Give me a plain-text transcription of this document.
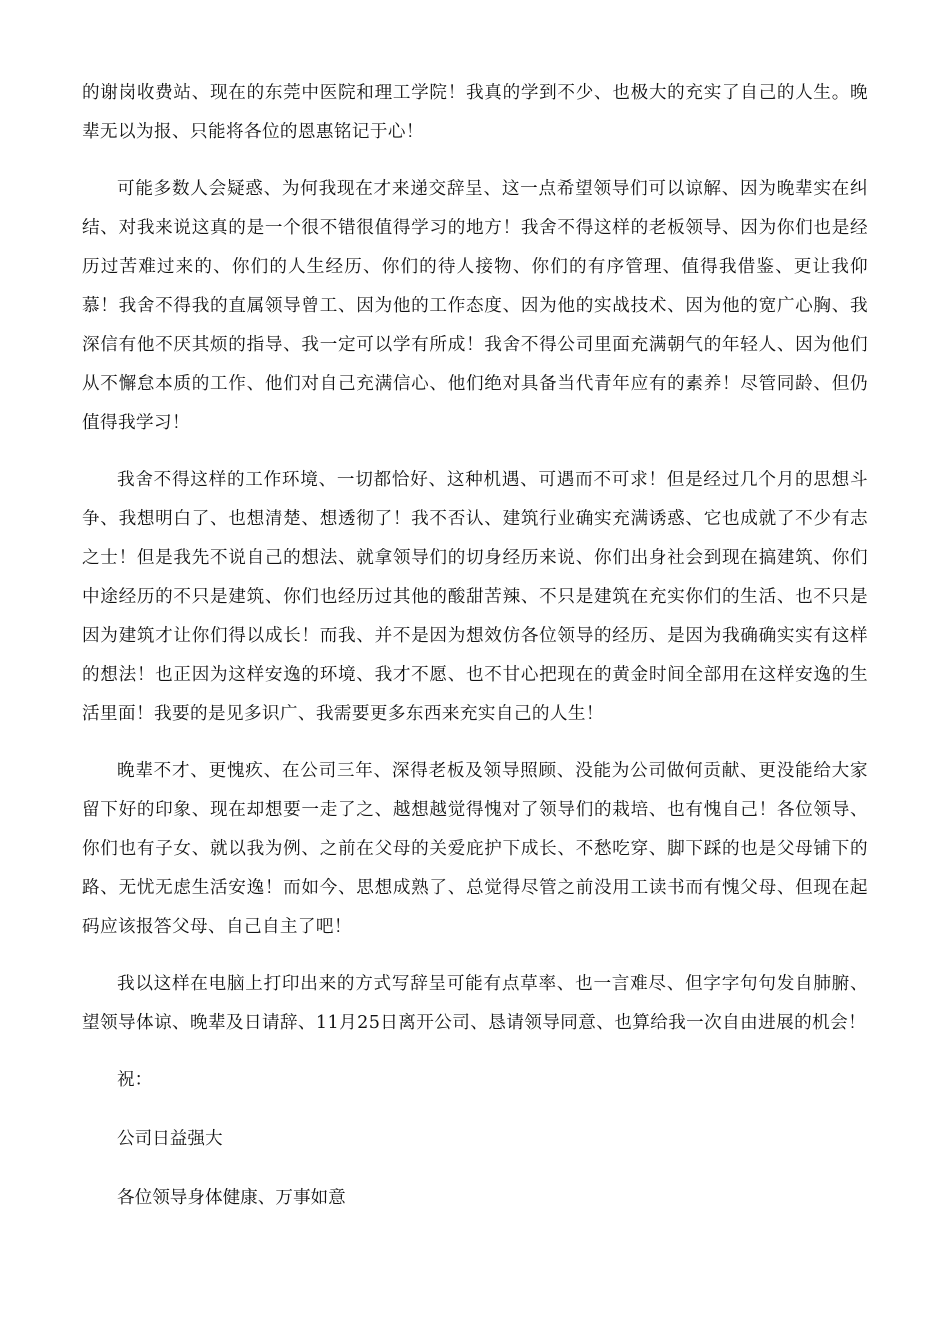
的谢岗收费站、现在的东莞中医院和理工学院！我真的学到不少、也极大的充实了自己的人生。晚辈无以为报、只能将各位的恩惠铭记于心！

可能多数人会疑惑、为何我现在才来递交辞呈、这一点希望领导们可以谅解、因为晚辈实在纠结、对我来说这真的是一个很不错很值得学习的地方！我舍不得这样的老板领导、因为你们也是经历过苦难过来的、你们的人生经历、你们的待人接物、你们的有序管理、值得我借鉴、更让我仰慕！我舍不得我的直属领导曾工、因为他的工作态度、因为他的实战技术、因为他的宽广心胸、我深信有他不厌其烦的指导、我一定可以学有所成！我舍不得公司里面充满朝气的年轻人、因为他们从不懈怠本质的工作、他们对自己充满信心、他们绝对具备当代青年应有的素养！尽管同龄、但仍值得我学习！

我舍不得这样的工作环境、一切都恰好、这种机遇、可遇而不可求！但是经过几个月的思想斗争、我想明白了、也想清楚、想透彻了！我不否认、建筑行业确实充满诱惑、它也成就了不少有志之士！但是我先不说自己的想法、就拿领导们的切身经历来说、你们出身社会到现在搞建筑、你们中途经历的不只是建筑、你们也经历过其他的酸甜苦辣、不只是建筑在充实你们的生活、也不只是因为建筑才让你们得以成长！而我、并不是因为想效仿各位领导的经历、是因为我确确实实有这样的想法！也正因为这样安逸的环境、我才不愿、也不甘心把现在的黄金时间全部用在这样安逸的生活里面！我要的是见多识广、我需要更多东西来充实自己的人生！

晚辈不才、更愧疚、在公司三年、深得老板及领导照顾、没能为公司做何贡献、更没能给大家留下好的印象、现在却想要一走了之、越想越觉得愧对了领导们的栽培、也有愧自己！各位领导、你们也有子女、就以我为例、之前在父母的关爱庇护下成长、不愁吃穿、脚下踩的也是父母铺下的路、无忧无虑生活安逸！而如今、思想成熟了、总觉得尽管之前没用工读书而有愧父母、但现在起码应该报答父母、自己自主了吧！

我以这样在电脑上打印出来的方式写辞呈可能有点草率、也一言难尽、但字字句句发自肺腑、望领导体谅、晚辈及日请辞、11月25日离开公司、恳请领导同意、也算给我一次自由进展的机会！

祝：

公司日益强大

各位领导身体健康、万事如意
